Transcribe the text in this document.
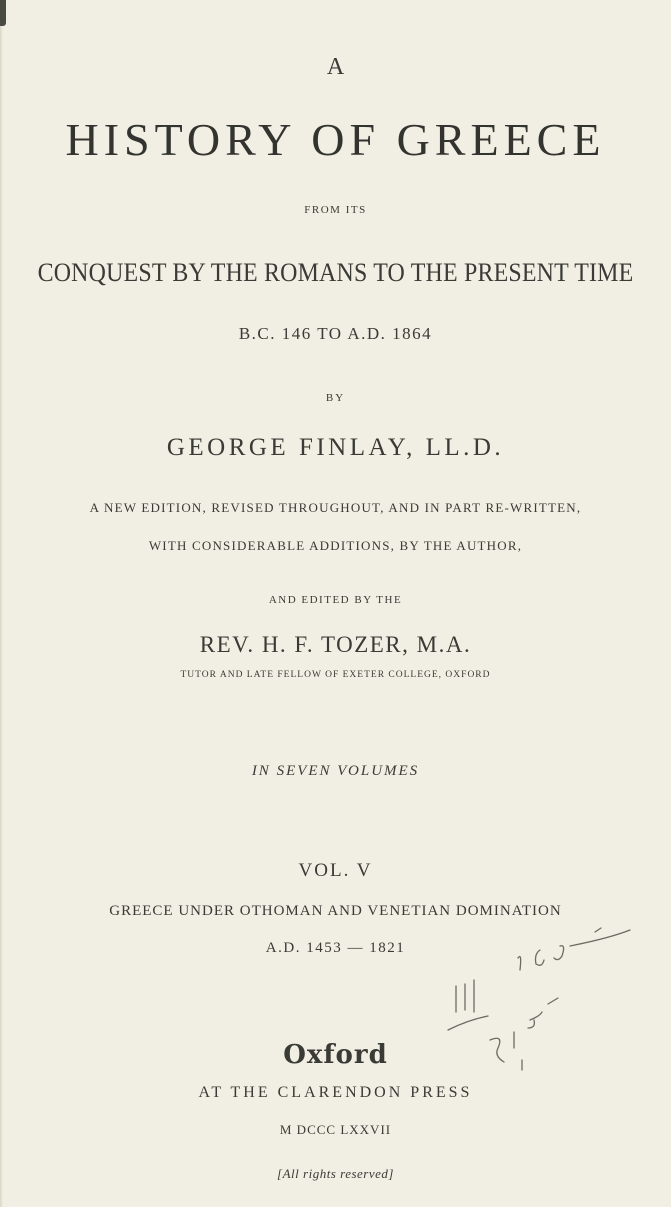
A
HISTORY OF GREECE
FROM ITS
CONQUEST BY THE ROMANS TO THE PRESENT TIME
B.C. 146 TO A.D. 1864
BY
GEORGE FINLAY, LL.D.
A NEW EDITION, REVISED THROUGHOUT, AND IN PART RE-WRITTEN,
WITH CONSIDERABLE ADDITIONS, BY THE AUTHOR,
AND EDITED BY THE
REV. H. F. TOZER, M.A.
TUTOR AND LATE FELLOW OF EXETER COLLEGE, OXFORD
IN SEVEN VOLUMES
VOL. V
GREECE UNDER OTHOMAN AND VENETIAN DOMINATION
A.D. 1453 — 1821
Oxford
AT THE CLARENDON PRESS
M DCCC LXXVII
[All rights reserved]
